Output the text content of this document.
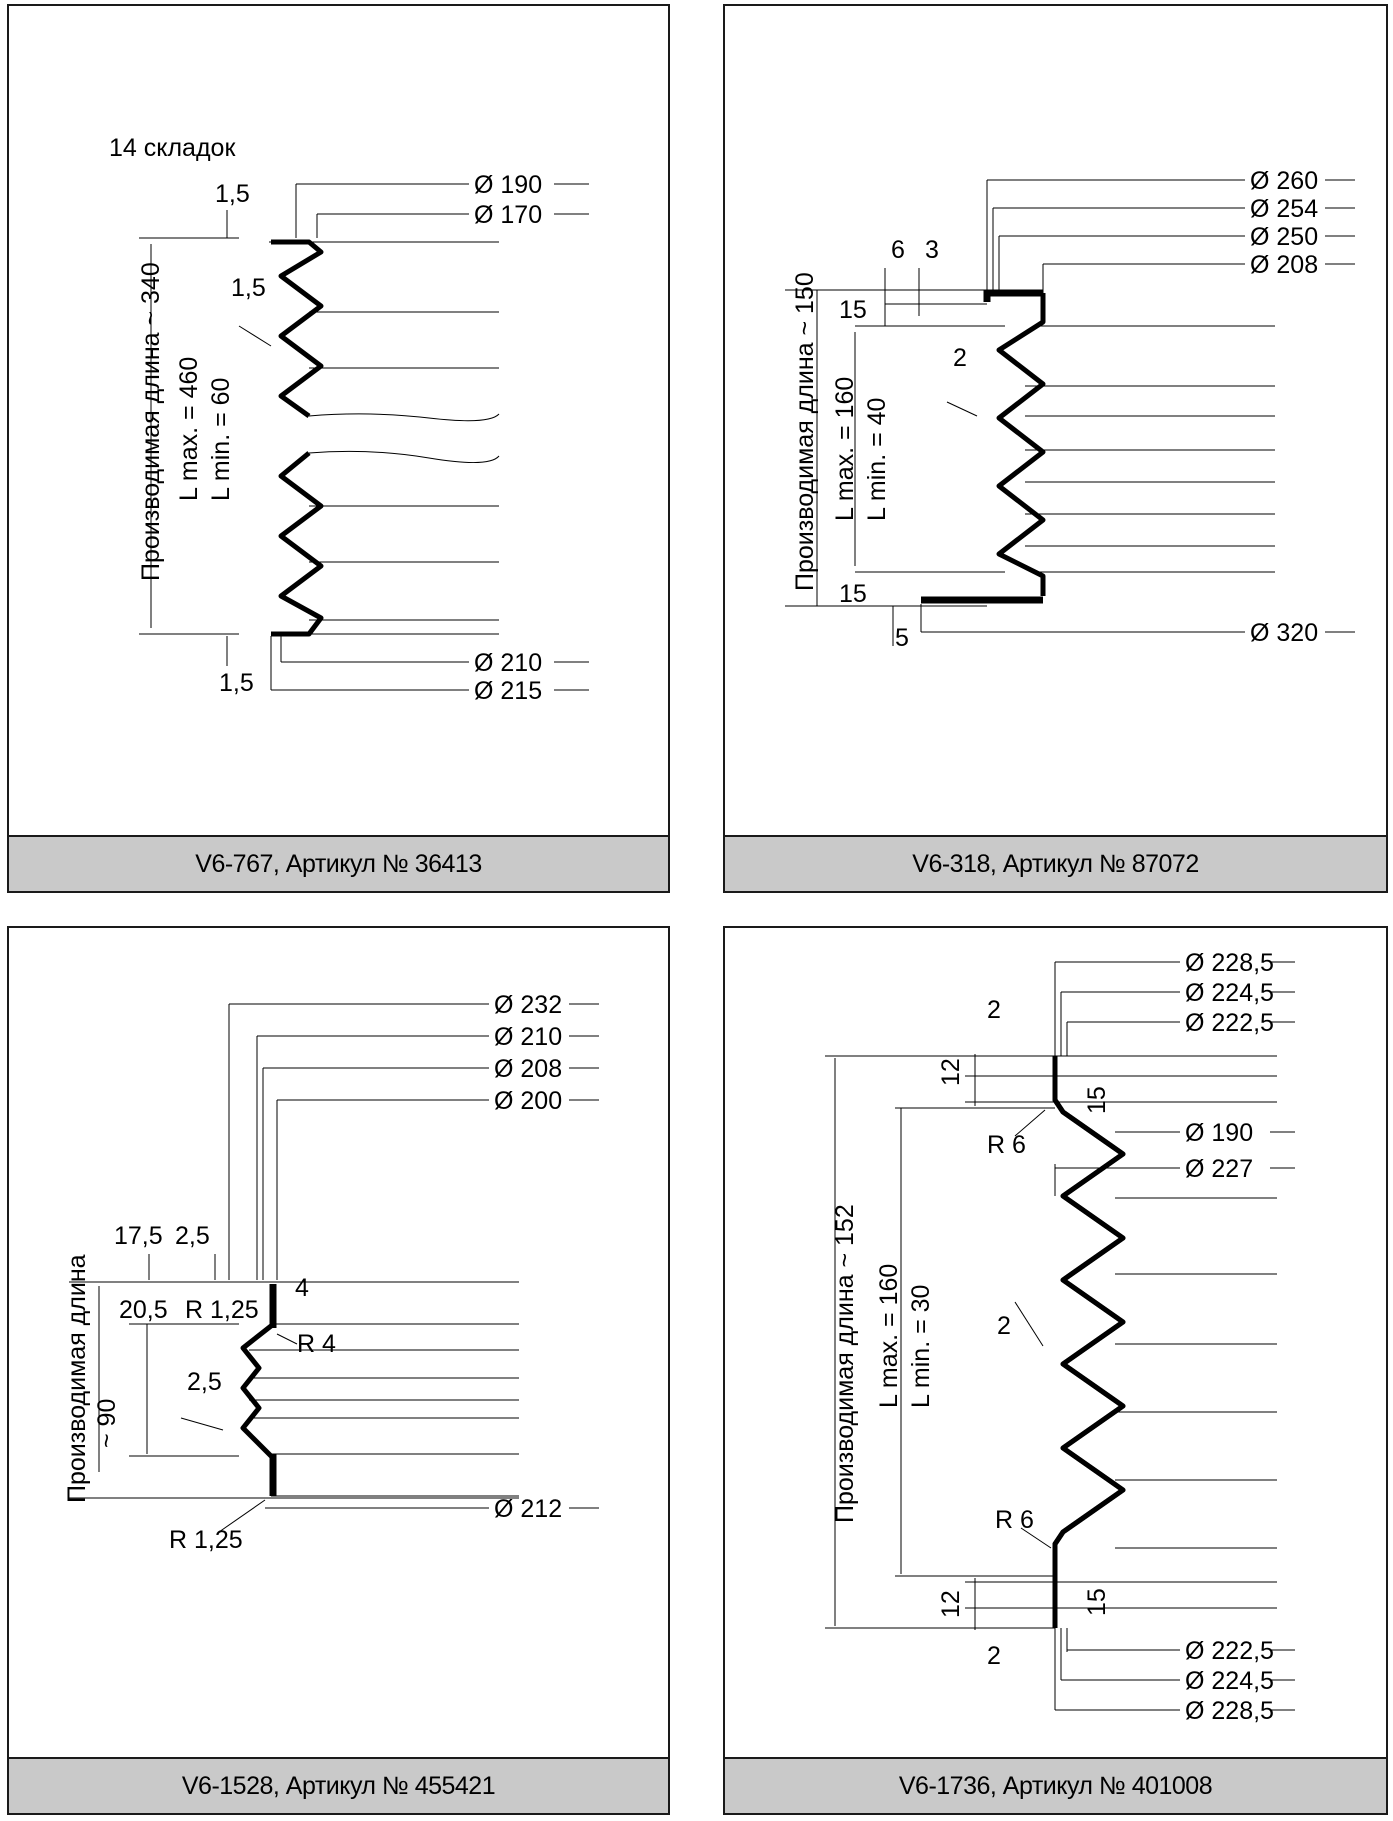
14 складок
1,5	Ø 190
Ø 170
Производимая длина ~ 340 L max. = 460 L min. = 60
1,5
1,5
Ø 210
Ø 215
V6-767, Артикул № 36413
Ø 260
Ø 254
Ø 250
Ø 208
6 3
15
Производимая длина ~ 150 L max. = 160 L min. = 40
2
15
5	Ø 320
V6-318, Артикул № 87072
Ø 232
Ø 210
Ø 208
Ø 200
17,5 2,5
4
20,5 R 1,25
R 4
Производимая длина ~ 90
2,5
R 1,25
Ø 212
V6-1528, Артикул № 455421
Ø 228,5
Ø 224,5
Ø 222,5
2
12
15
Производимая длина ~ 152 L max. = 160 L min. = 30
R 6	Ø 190
Ø 227
2
R 6
12	15
2	Ø 222,5
Ø 224,5
Ø 228,5
V6-1736, Артикул № 401008
